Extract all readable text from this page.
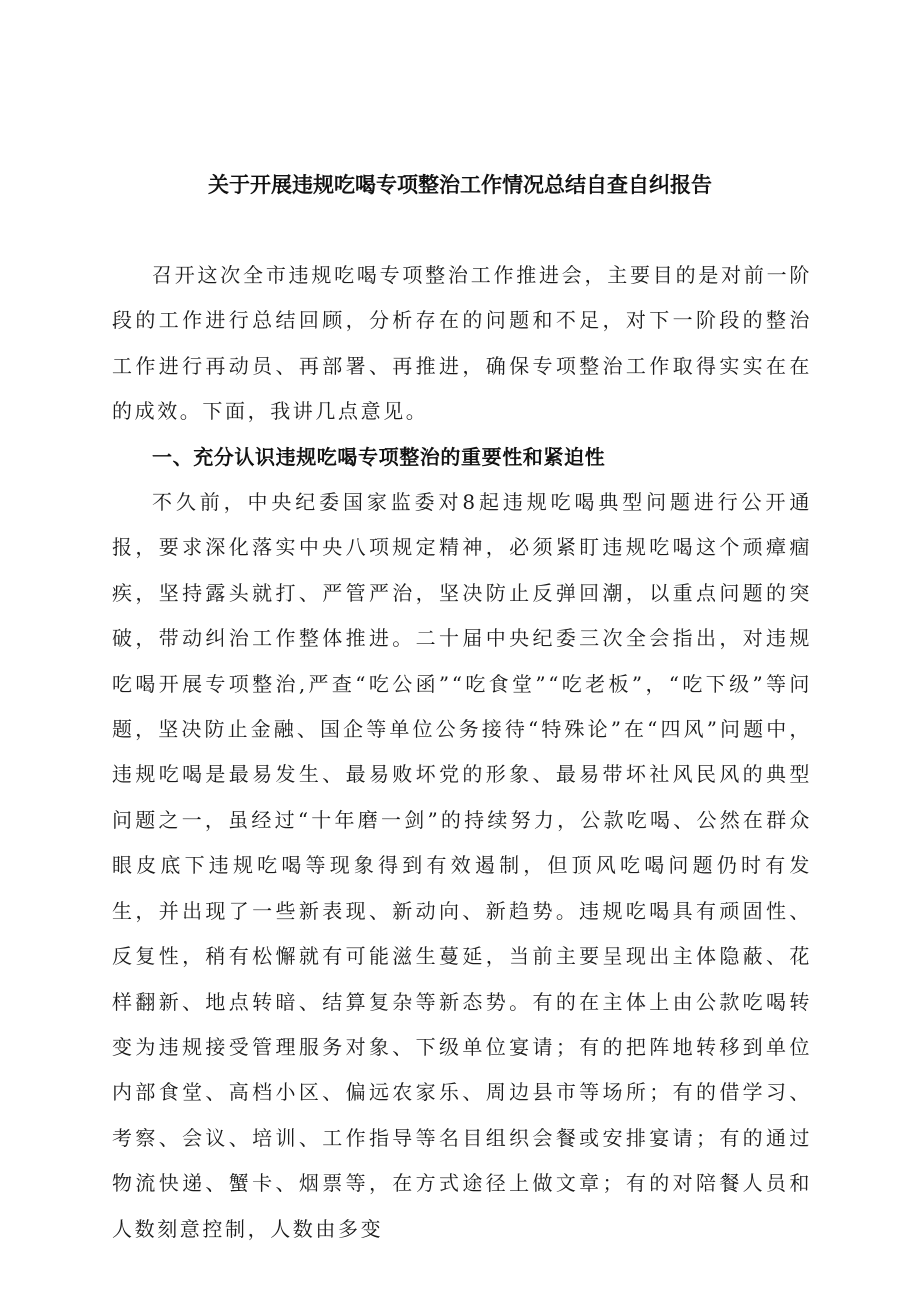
关于开展违规吃喝专项整治工作情况总结自查自纠报告

召开这次全市违规吃喝专项整治工作推进会，主要目的是对前一阶段的工作进行总结回顾，分析存在的问题和不足，对下一阶段的整治工作进行再动员、再部署、再推进，确保专项整治工作取得实实在在的成效。下面，我讲几点意见。

一、充分认识违规吃喝专项整治的重要性和紧迫性

不久前，中央纪委国家监委对8起违规吃喝典型问题进行公开通报，要求深化落实中央八项规定精神，必须紧盯违规吃喝这个顽瘴痼疾，坚持露头就打、严管严治，坚决防止反弹回潮，以重点问题的突破，带动纠治工作整体推进。二十届中央纪委三次全会指出，对违规吃喝开展专项整治,严查“吃公函”“吃食堂”“吃老板”，“吃下级”等问题，坚决防止金融、国企等单位公务接待“特殊论”在“四风”问题中，违规吃喝是最易发生、最易败坏党的形象、最易带坏社风民风的典型问题之一，虽经过“十年磨一剑”的持续努力，公款吃喝、公然在群众眼皮底下违规吃喝等现象得到有效遏制，但顶风吃喝问题仍时有发生，并出现了一些新表现、新动向、新趋势。违规吃喝具有顽固性、反复性，稍有松懈就有可能滋生蔓延，当前主要呈现出主体隐蔽、花样翻新、地点转暗、结算复杂等新态势。有的在主体上由公款吃喝转变为违规接受管理服务对象、下级单位宴请；有的把阵地转移到单位内部食堂、高档小区、偏远农家乐、周边县市等场所；有的借学习、考察、会议、培训、工作指导等名目组织会餐或安排宴请；有的通过物流快递、蟹卡、烟票等，在方式途径上做文章；有的对陪餐人员和人数刻意控制，人数由多变
